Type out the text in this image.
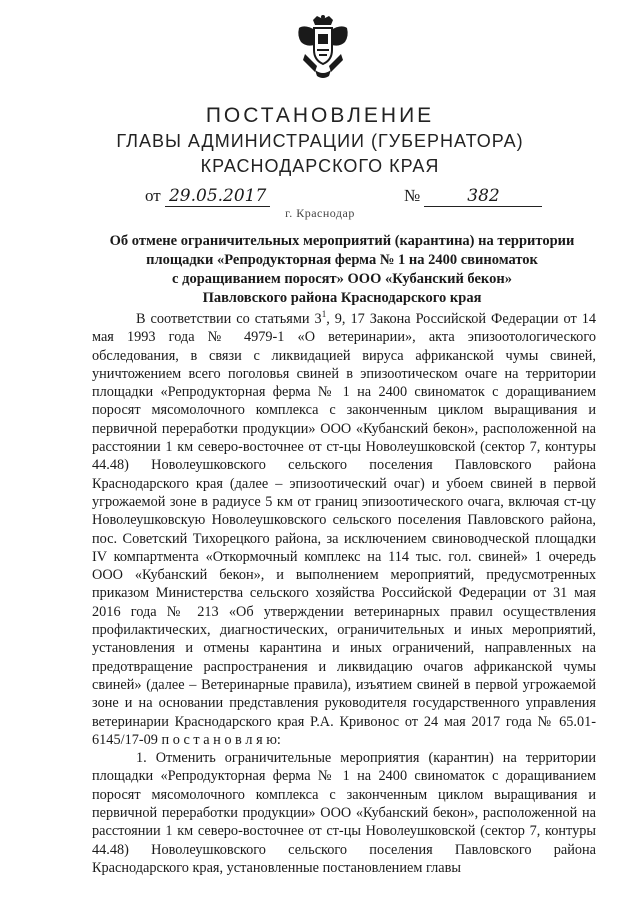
ПОСТАНОВЛЕНИЕ
ГЛАВЫ АДМИНИСТРАЦИИ (ГУБЕРНАТОРА)
КРАСНОДАРСКОГО КРАЯ
от 29.05.2017	№	382
г. Краснодар
Об отмене ограничительных мероприятий (карантина) на территории
площадки «Репродукторная ферма № 1 на 2400 свиноматок
с доращиванием поросят» ООО «Кубанский бекон»
Павловского района Краснодарского края

В соответствии со статьями $3^1$, 9, 17 Закона Российской Федерации от 14 мая 1993 года № 4979-1 «О ветеринарии», акта эпизоотологического обследования, в связи с ликвидацией вируса африканской чумы свиней, уничтожением всего поголовья свиней в эпизоотическом очаге на территории площадки «Репродукторная ферма № 1 на 2400 свиноматок с доращиванием поросят мясомолочного комплекса с законченным циклом выращивания и первичной переработки продукции» ООО «Кубанский бекон», расположенной на расстоянии 1 км северо-восточнее от ст-цы Новолеушковской (сектор 7, контуры 44.48) Новолеушковского сельского поселения Павловского района Краснодарского края (далее – эпизоотический очаг) и убоем свиней в первой угрожаемой зоне в радиусе 5 км от границ эпизоотического очага, включая ст-цу Новолеушковскую Новолеушковского сельского поселения Павловского района, пос. Советский Тихорецкого района, за исключением свиноводческой площадки IV компартмента «Откормочный комплекс на 114 тыс. гол. свиней» 1 очередь ООО «Кубанский бекон», и выполнением мероприятий, предусмотренных приказом Министерства сельского хозяйства Российской Федерации от 31 мая 2016 года № 213 «Об утверждении ветеринарных правил осуществления профилактических, диагностических, ограничительных и иных мероприятий, установления и отмены карантина и иных ограничений, направленных на предотвращение распространения и ликвидацию очагов африканской чумы свиней» (далее – Ветеринарные правила), изъятием свиней в первой угрожаемой зоне и на основании представления руководителя государственного управления ветеринарии Краснодарского края Р.А. Кривонос от 24 мая 2017 года № 65.01-6145/17-09 п о с т а н о в л я ю:

1. Отменить ограничительные мероприятия (карантин) на территории площадки «Репродукторная ферма № 1 на 2400 свиноматок с доращиванием поросят мясомолочного комплекса с законченным циклом выращивания и первичной переработки продукции» ООО «Кубанский бекон», расположенной на расстоянии 1 км северо-восточнее от ст-цы Новолеушковской (сектор 7, контуры 44.48) Новолеушковского сельского поселения Павловского района Краснодарского края, установленные постановлением главы
